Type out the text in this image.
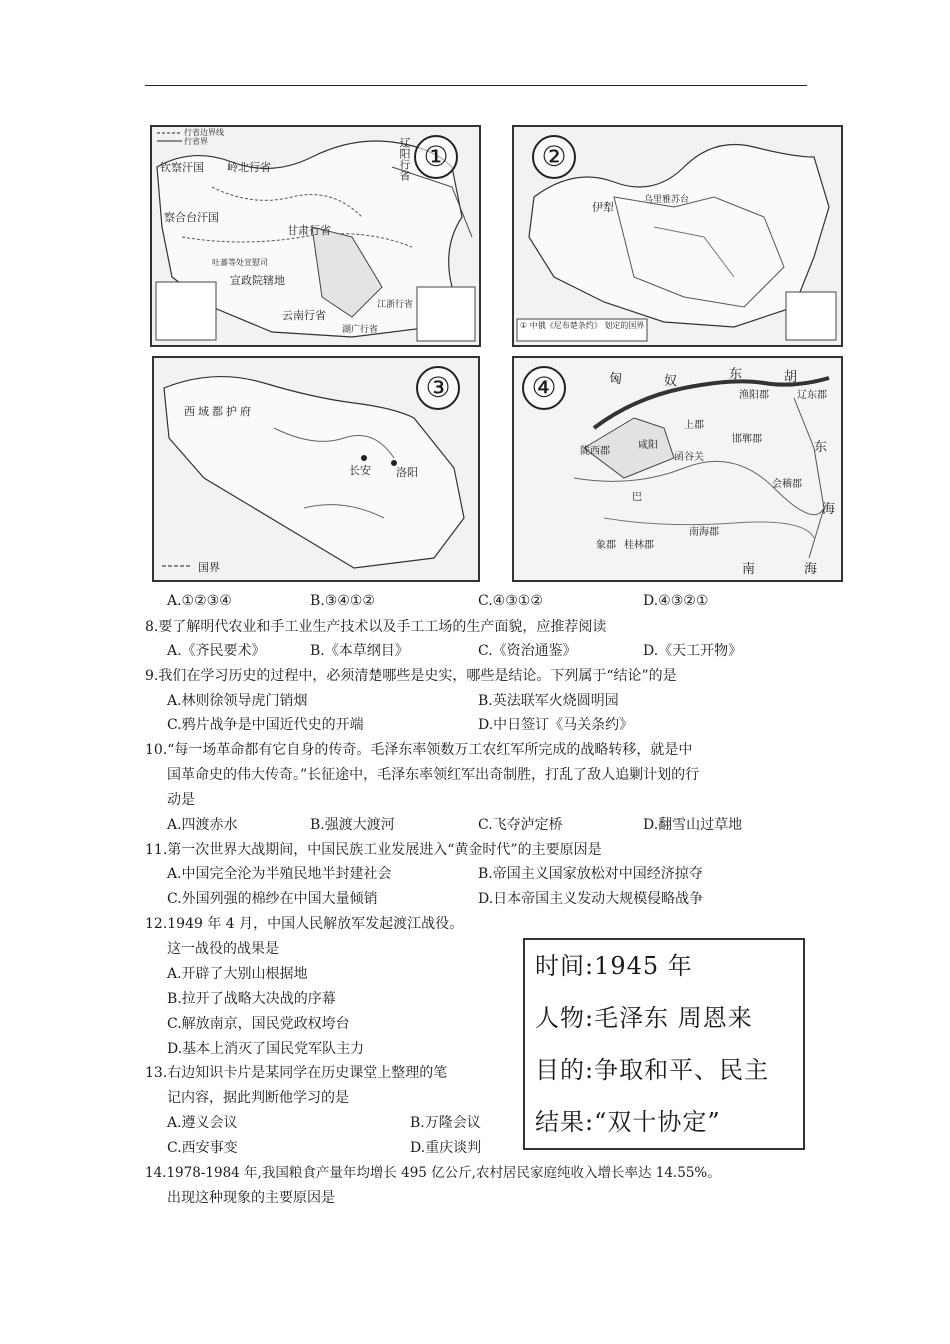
行省边界线
行省界
钦察汗国 岭北行省
察合台汗国
甘肃行省
吐蕃等处宣慰司
宣政院辖地
云南行省
辽阳行省
湖广行省
江浙行省
①	②
伊犁
乌里雅苏台
① 中俄《尼布楚条约》 划定的国界
西域都护府
长安 洛阳
国界
③	④	匈	奴	东	胡
渔阳郡	辽东郡
陇西郡
咸阳
上郡
函谷关
邯郸郡
会稽郡
巴
南海郡
象郡 桂林郡
东
海
南	海
A.①②③④	B.③④①②	C.④③①②	D.④③②①
8.要了解明代农业和手工业生产技术以及手工工场的生产面貌，应推荐阅读
A.《齐民要术》	B.《本草纲目》	C.《资治通鉴》	D.《天工开物》
9.我们在学习历史的过程中，必须清楚哪些是史实，哪些是结论。下列属于“结论”的是
A.林则徐领导虎门销烟	B.英法联军火烧圆明园
C.鸦片战争是中国近代史的开端	D.中日签订《马关条约》
10.“每一场革命都有它自身的传奇。毛泽东率领数万工农红军所完成的战略转移，就是中
国革命史的伟大传奇。”长征途中，毛泽东率领红军出奇制胜，打乱了敌人追剿计划的行
动是
A.四渡赤水	B.强渡大渡河	C.飞夺泸定桥	D.翻雪山过草地
11.第一次世界大战期间，中国民族工业发展进入“黄金时代”的主要原因是
A.中国完全沦为半殖民地半封建社会	B.帝国主义国家放松对中国经济掠夺
C.外国列强的棉纱在中国大量倾销	D.日本帝国主义发动大规模侵略战争
12.1949 年 4 月，中国人民解放军发起渡江战役。
这一战役的战果是
A.开辟了大别山根据地
B.拉开了战略大决战的序幕
C.解放南京，国民党政权垮台
D.基本上消灭了国民党军队主力
时间:1945 年
人物:毛泽东 周恩来
目的:争取和平、民主
结果:“双十协定”
13.右边知识卡片是某同学在历史课堂上整理的笔
记内容，据此判断他学习的是
A.遵义会议	B.万隆会议
C.西安事变	D.重庆谈判
14.1978-1984 年,我国粮食产量年均增长 495 亿公斤,农村居民家庭纯收入增长率达 14.55%。
出现这种现象的主要原因是
